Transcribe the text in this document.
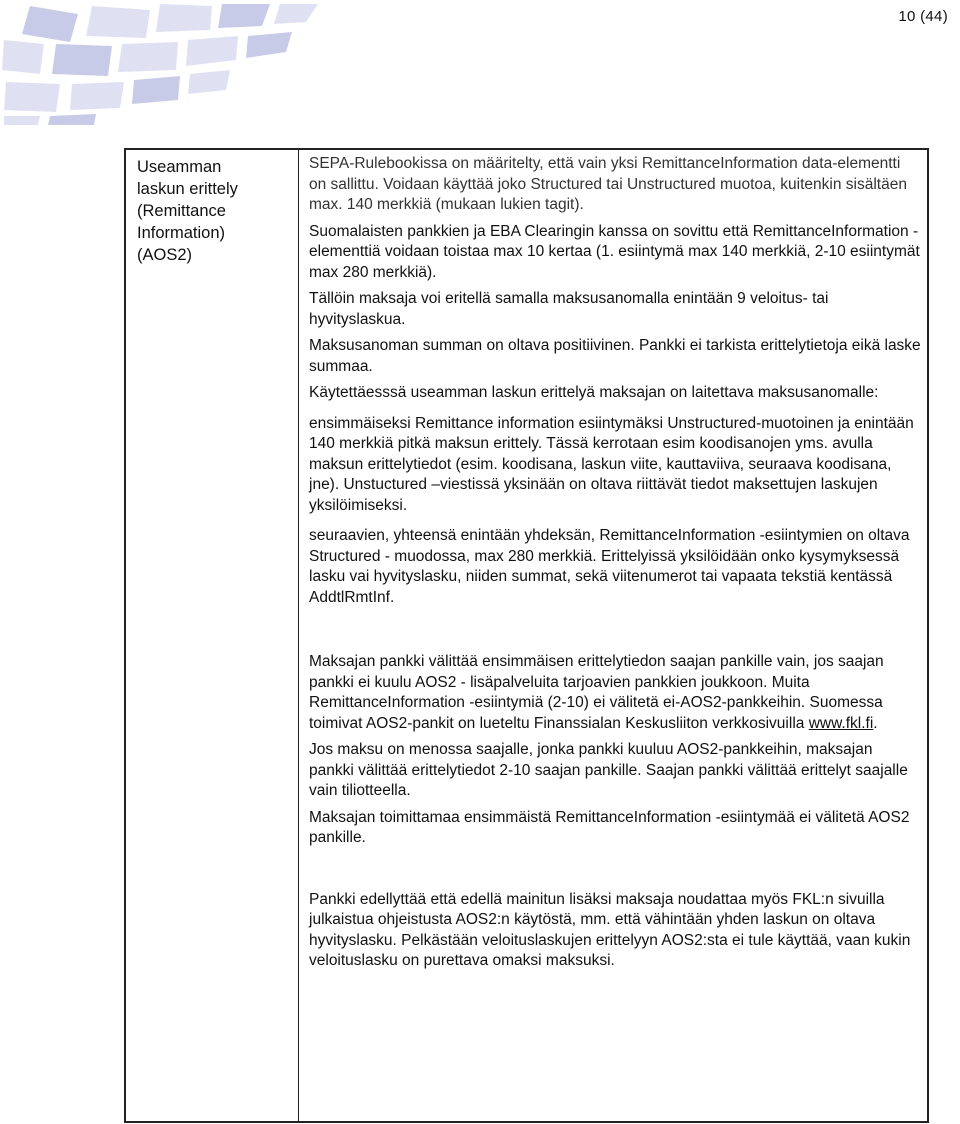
10 (44)

Useamman
laskun erittely
(Remittance
Information)
(AOS2)

SEPA-Rulebookissa on määritelty, että vain yksi RemittanceInformation data-elementti on sallittu. Voidaan käyttää joko Structured tai Unstructured muotoa, kuitenkin sisältäen max. 140 merkkiä (mukaan lukien tagit).

Suomalaisten pankkien ja EBA Clearingin kanssa on sovittu että RemittanceInformation -elementtiä voidaan toistaa max 10 kertaa (1. esiintymä max 140 merkkiä, 2-10 esiintymät max 280 merkkiä).

Tällöin maksaja voi eritellä samalla maksusanomalla enintään 9 veloitus- tai hyvityslaskua.

Maksusanoman summan on oltava positiivinen. Pankki ei tarkista erittelytietoja eikä laske summaa.

Käytettäesssä useamman laskun erittelyä maksajan on laitettava maksusanomalle:

ensimmäiseksi Remittance information esiintymäksi Unstructured-muotoinen ja enintään 140 merkkiä pitkä maksun erittely. Tässä kerrotaan esim koodisanojen yms. avulla maksun erittelytiedot (esim. koodisana, laskun viite, kauttaviiva, seuraava koodisana, jne). Unstuctured –viestissä yksinään on oltava riittävät tiedot maksettujen laskujen yksilöimiseksi.

seuraavien, yhteensä enintään yhdeksän, RemittanceInformation -esiintymien on oltava Structured - muodossa, max 280 merkkiä. Erittelyissä yksilöidään onko kysymyksessä lasku vai hyvityslasku, niiden summat, sekä viitenumerot tai vapaata tekstiä kentässä AddtlRmtInf.

Maksajan pankki välittää ensimmäisen erittelytiedon saajan pankille vain, jos saajan pankki ei kuulu AOS2 - lisäpalveluita tarjoavien pankkien joukkoon. Muita RemittanceInformation -esiintymiä (2-10) ei välitetä ei-AOS2-pankkeihin. Suomessa toimivat AOS2-pankit on lueteltu Finanssialan Keskusliiton verkkosivuilla www.fkl.fi.

Jos maksu on menossa saajalle, jonka pankki kuuluu AOS2-pankkeihin, maksajan pankki välittää erittelytiedot 2-10 saajan pankille. Saajan pankki välittää erittelyt saajalle vain tiliotteella.

Maksajan toimittamaa ensimmäistä RemittanceInformation -esiintymää ei välitetä AOS2 pankille.

Pankki edellyttää että edellä mainitun lisäksi maksaja noudattaa myös FKL:n sivuilla julkaistua ohjeistusta AOS2:n käytöstä, mm. että vähintään yhden laskun on oltava hyvityslasku. Pelkästään veloituslaskujen erittelyyn AOS2:sta ei tule käyttää, vaan kukin veloituslasku on purettava omaksi maksuksi.
